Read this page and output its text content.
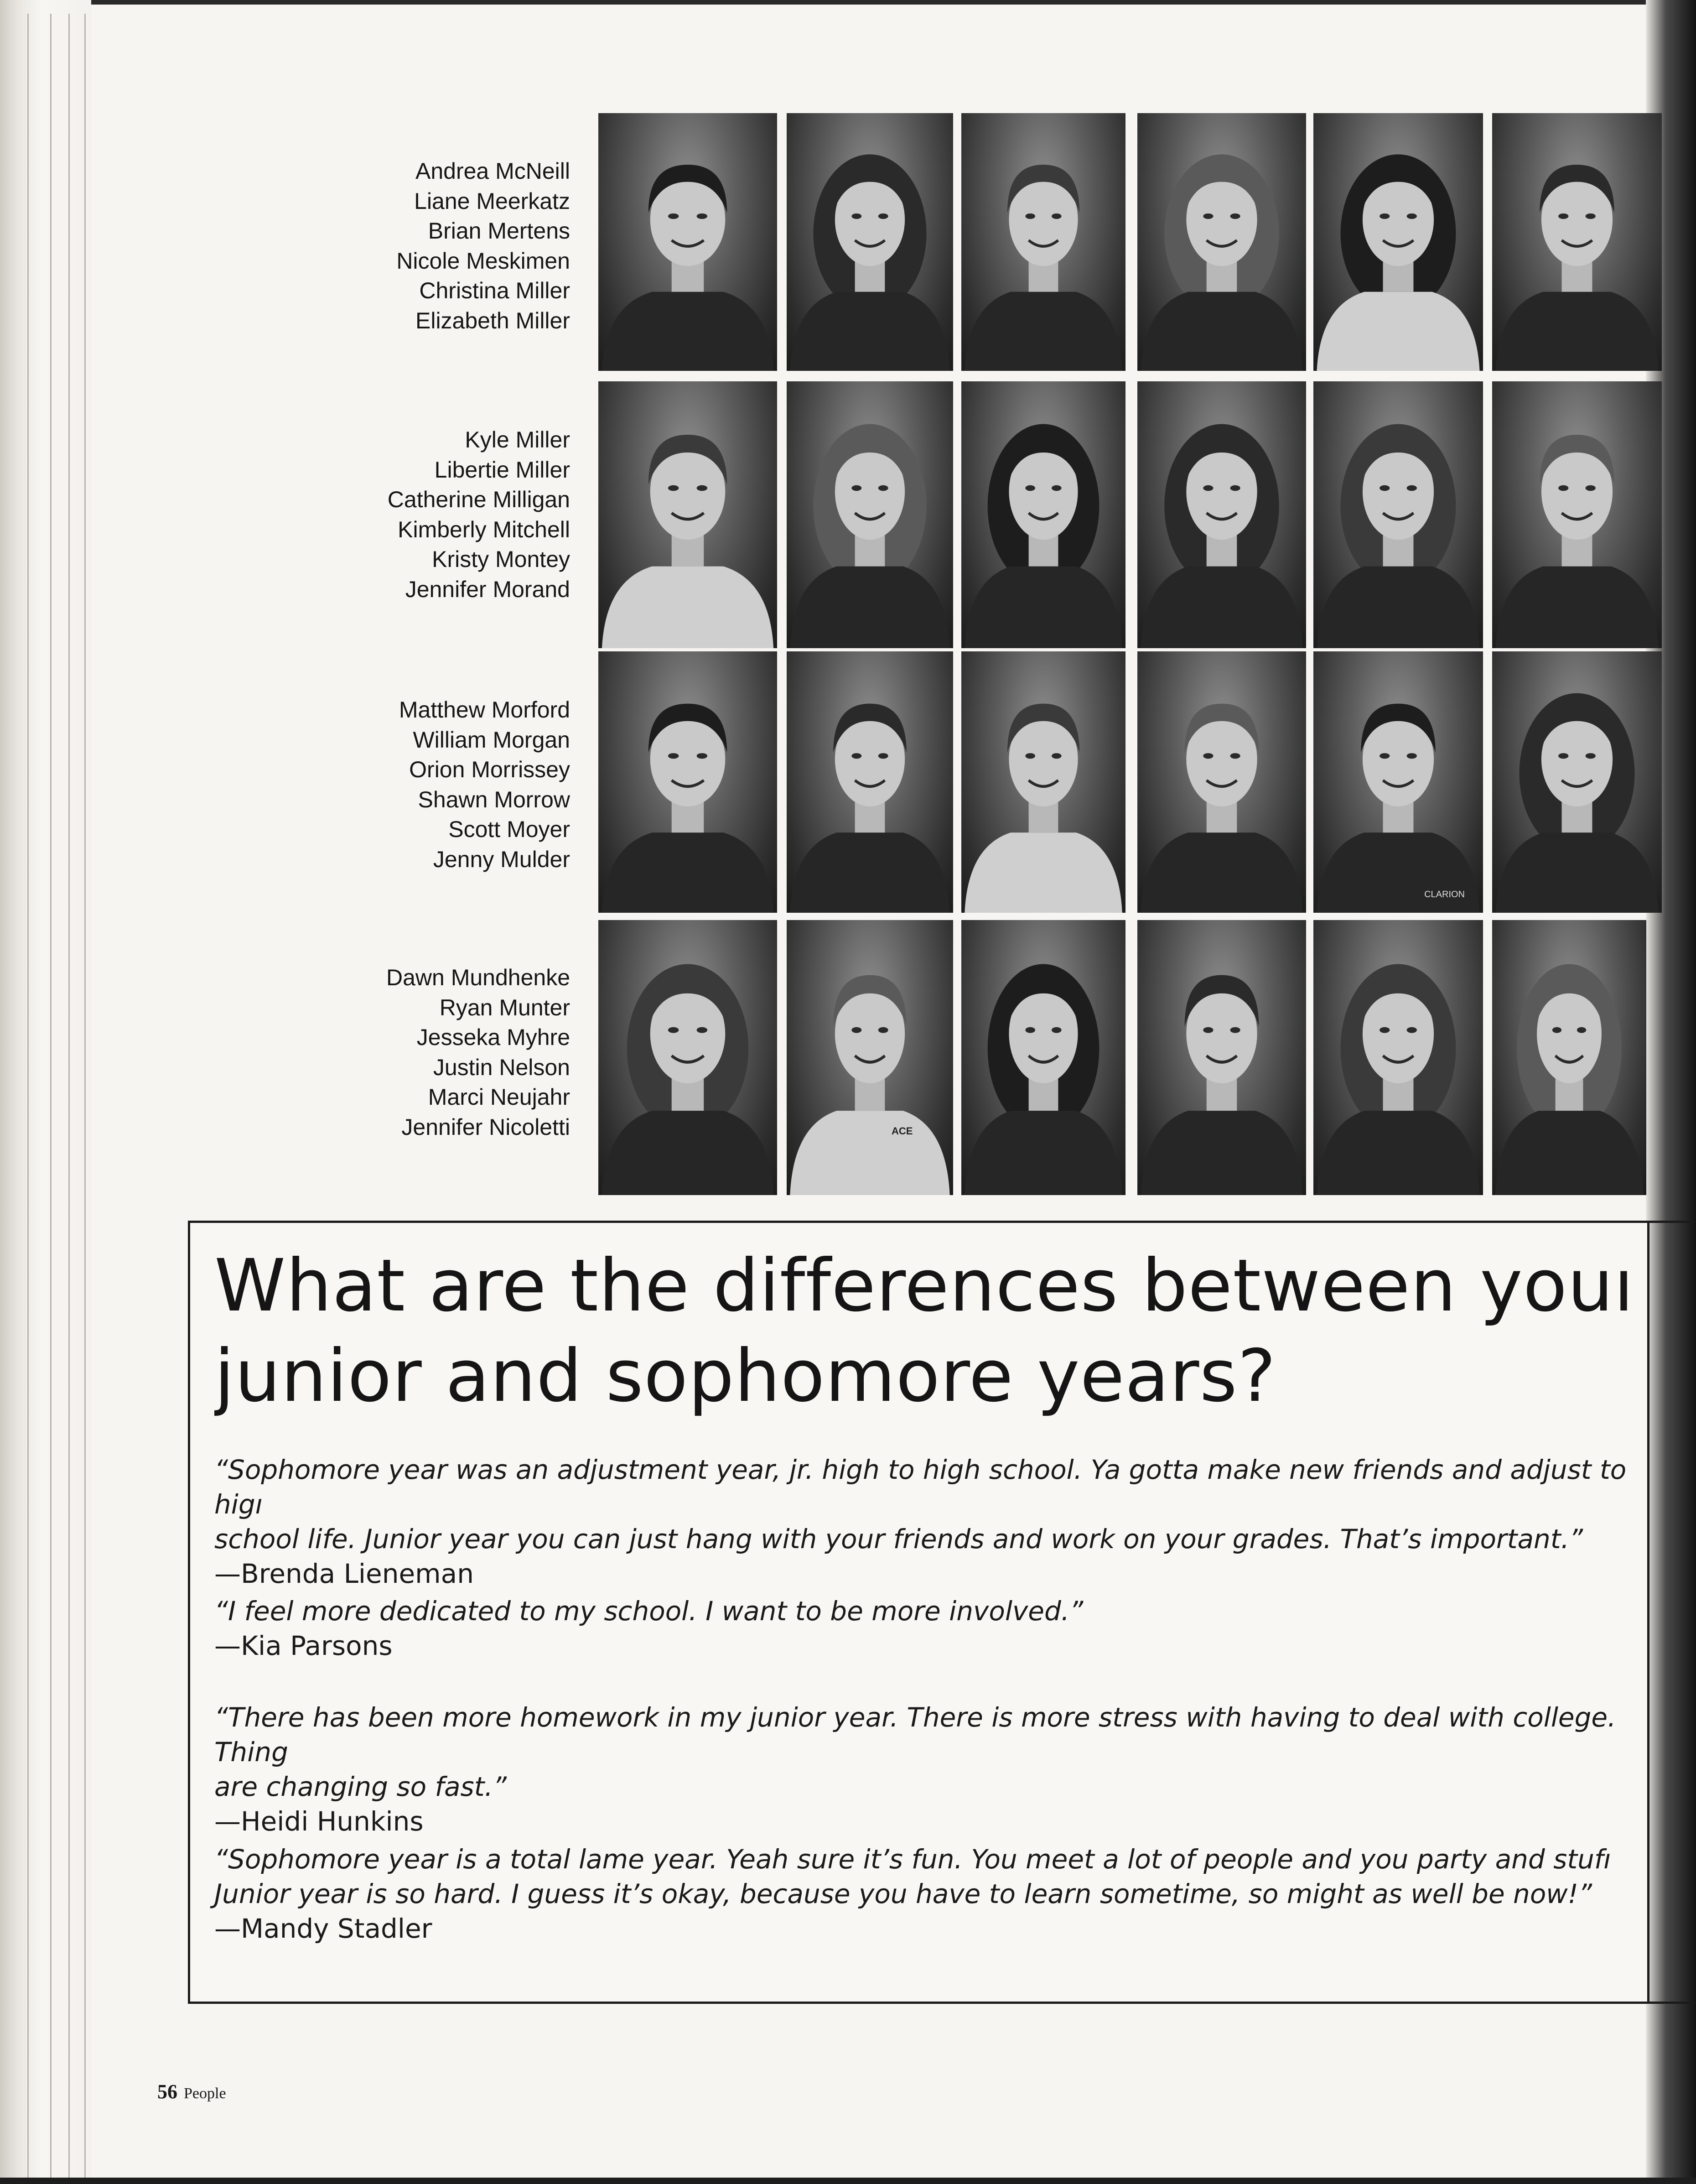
Andrea McNeill
Liane Meerkatz
Brian Mertens
Nicole Meskimen
Christina Miller
Elizabeth Miller
Kyle Miller
Libertie Miller
Catherine Milligan
Kimberly Mitchell
Kristy Montey
Jennifer Morand
Matthew Morford
William Morgan
Orion Morrissey
Shawn Morrow
Scott Moyer
Jenny Mulder
Dawn Mundhenke
Ryan Munter
Jesseka Myhre
Justin Nelson
Marci Neujahr
Jennifer Nicoletti
CLARION
ACE
What are the differences between youı
junior and sophomore years?
“Sophomore year was an adjustment year, jr. high to high school. Ya gotta make new friends and adjust to higı
school life. Junior year you can just hang with your friends and work on your grades. That’s important.”
—Brenda Lieneman
“I feel more dedicated to my school. I want to be more involved.”
—Kia Parsons
“There has been more homework in my junior year. There is more stress with having to deal with college. Thing
are changing so fast.”
—Heidi Hunkins
“Sophomore year is a total lame year. Yeah sure it’s fun. You meet a lot of people and you party and stufı
Junior year is so hard. I guess it’s okay, because you have to learn sometime, so might as well be now!”
—Mandy Stadler
56 People
